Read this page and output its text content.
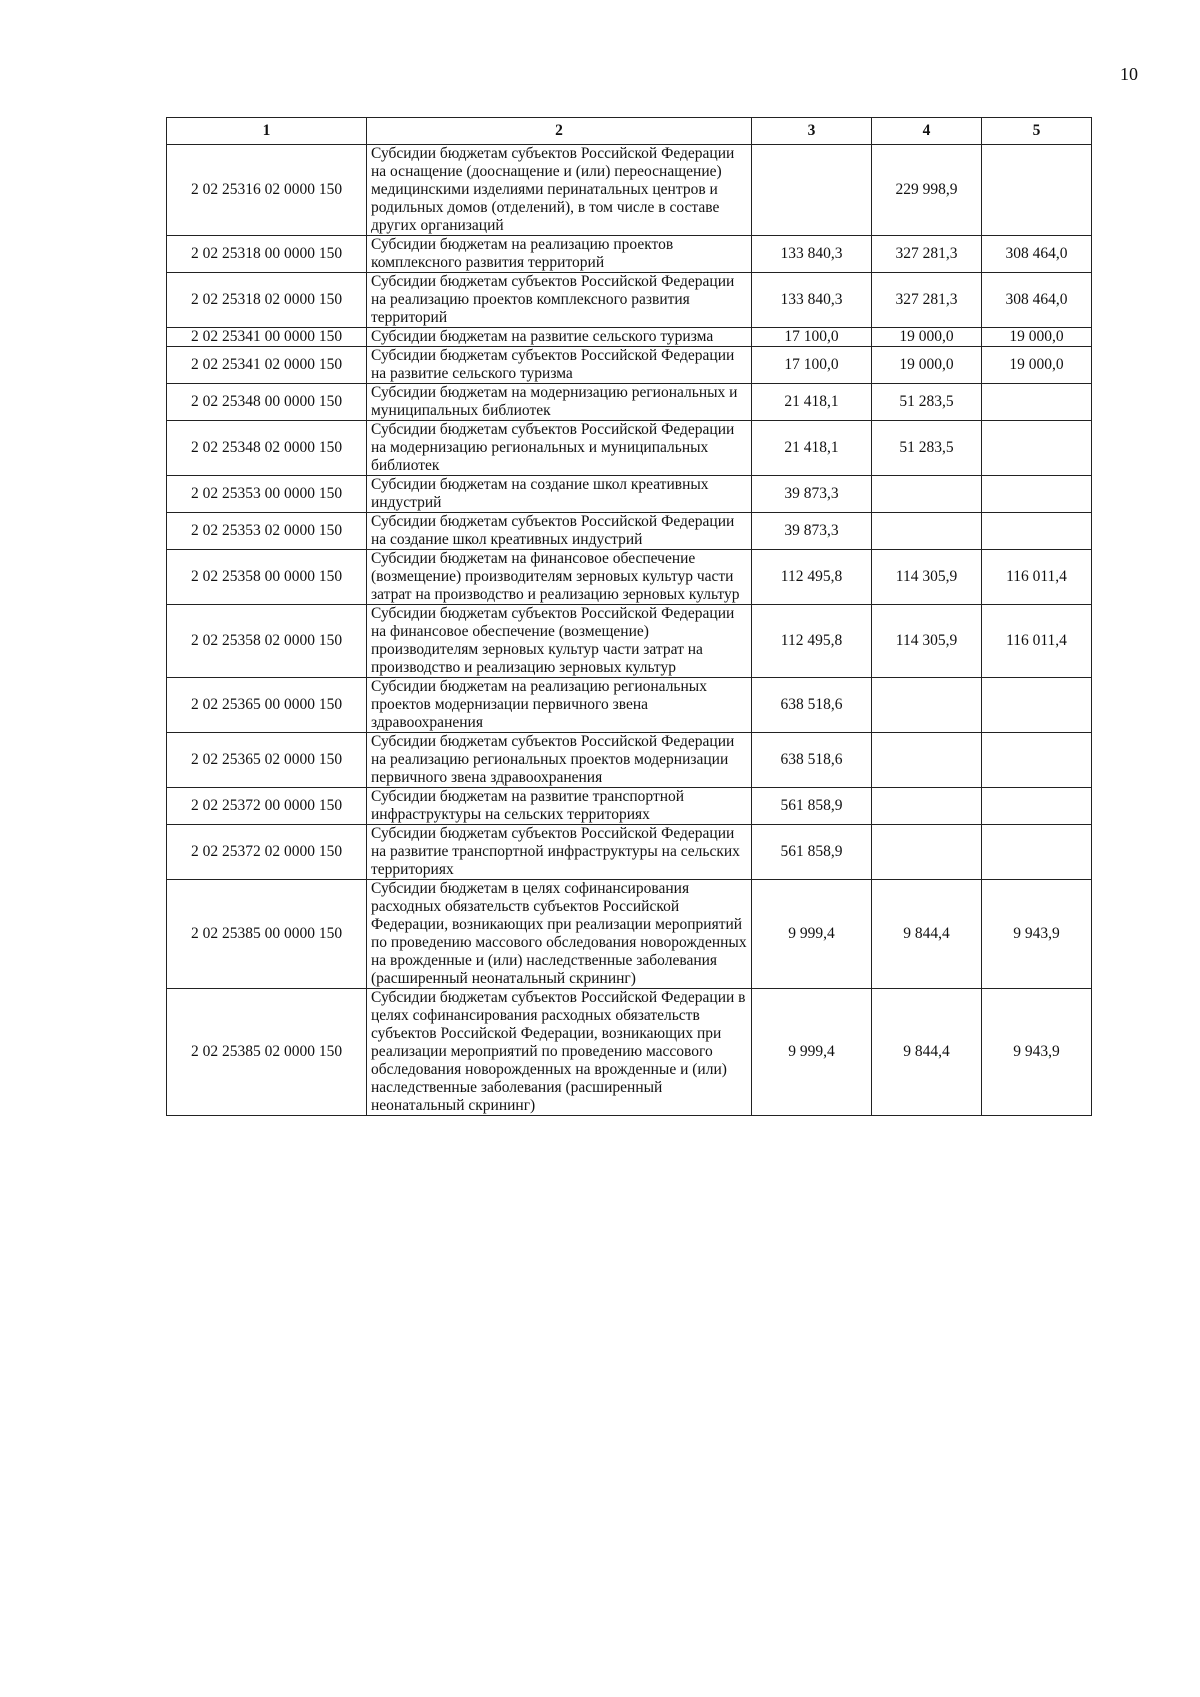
10
1	2	3	4	5
2 02 25316 02 0000 150	Субсидии бюджетам субъектов Российской Федерации на оснащение (дооснащение и (или) переоснащение) медицинскими изделиями перинатальных центров и родильных домов (отделений), в том числе в составе других организаций		229 998,9	
2 02 25318 00 0000 150	Субсидии бюджетам на реализацию проектов комплексного развития территорий	133 840,3	327 281,3	308 464,0
2 02 25318 02 0000 150	Субсидии бюджетам субъектов Российской Федерации на реализацию проектов комплексного развития территорий	133 840,3	327 281,3	308 464,0
2 02 25341 00 0000 150	Субсидии бюджетам на развитие сельского туризма	17 100,0	19 000,0	19 000,0
2 02 25341 02 0000 150	Субсидии бюджетам субъектов Российской Федерации на развитие сельского туризма	17 100,0	19 000,0	19 000,0
2 02 25348 00 0000 150	Субсидии бюджетам на модернизацию региональных и муниципальных библиотек	21 418,1	51 283,5	
2 02 25348 02 0000 150	Субсидии бюджетам субъектов Российской Федерации на модернизацию региональных и муниципальных библиотек	21 418,1	51 283,5	
2 02 25353 00 0000 150	Субсидии бюджетам на создание школ креативных индустрий	39 873,3		
2 02 25353 02 0000 150	Субсидии бюджетам субъектов Российской Федерации на создание школ креативных индустрий	39 873,3		
2 02 25358 00 0000 150	Субсидии бюджетам на финансовое обеспечение (возмещение) производителям зерновых культур части затрат на производство и реализацию зерновых культур	112 495,8	114 305,9	116 011,4
2 02 25358 02 0000 150	Субсидии бюджетам субъектов Российской Федерации на финансовое обеспечение (возмещение) производителям зерновых культур части затрат на производство и реализацию зерновых культур	112 495,8	114 305,9	116 011,4
2 02 25365 00 0000 150	Субсидии бюджетам на реализацию региональных проектов модернизации первичного звена здравоохранения	638 518,6		
2 02 25365 02 0000 150	Субсидии бюджетам субъектов Российской Федерации на реализацию региональных проектов модернизации первичного звена здравоохранения	638 518,6		
2 02 25372 00 0000 150	Субсидии бюджетам на развитие транспортной инфраструктуры на сельских территориях	561 858,9		
2 02 25372 02 0000 150	Субсидии бюджетам субъектов Российской Федерации на развитие транспортной инфраструктуры на сельских территориях	561 858,9		
2 02 25385 00 0000 150	Субсидии бюджетам в целях софинансирования расходных обязательств субъектов Российской Федерации, возникающих при реализации мероприятий по проведению массового обследования новорожденных на врожденные и (или) наследственные заболевания (расширенный неонатальный скрининг)	9 999,4	9 844,4	9 943,9
2 02 25385 02 0000 150	Субсидии бюджетам субъектов Российской Федерации в целях софинансирования расходных обязательств субъектов Российской Федерации, возникающих при реализации мероприятий по проведению массового обследования новорожденных на врожденные и (или) наследственные заболевания (расширенный неонатальный скрининг)	9 999,4	9 844,4	9 943,9
